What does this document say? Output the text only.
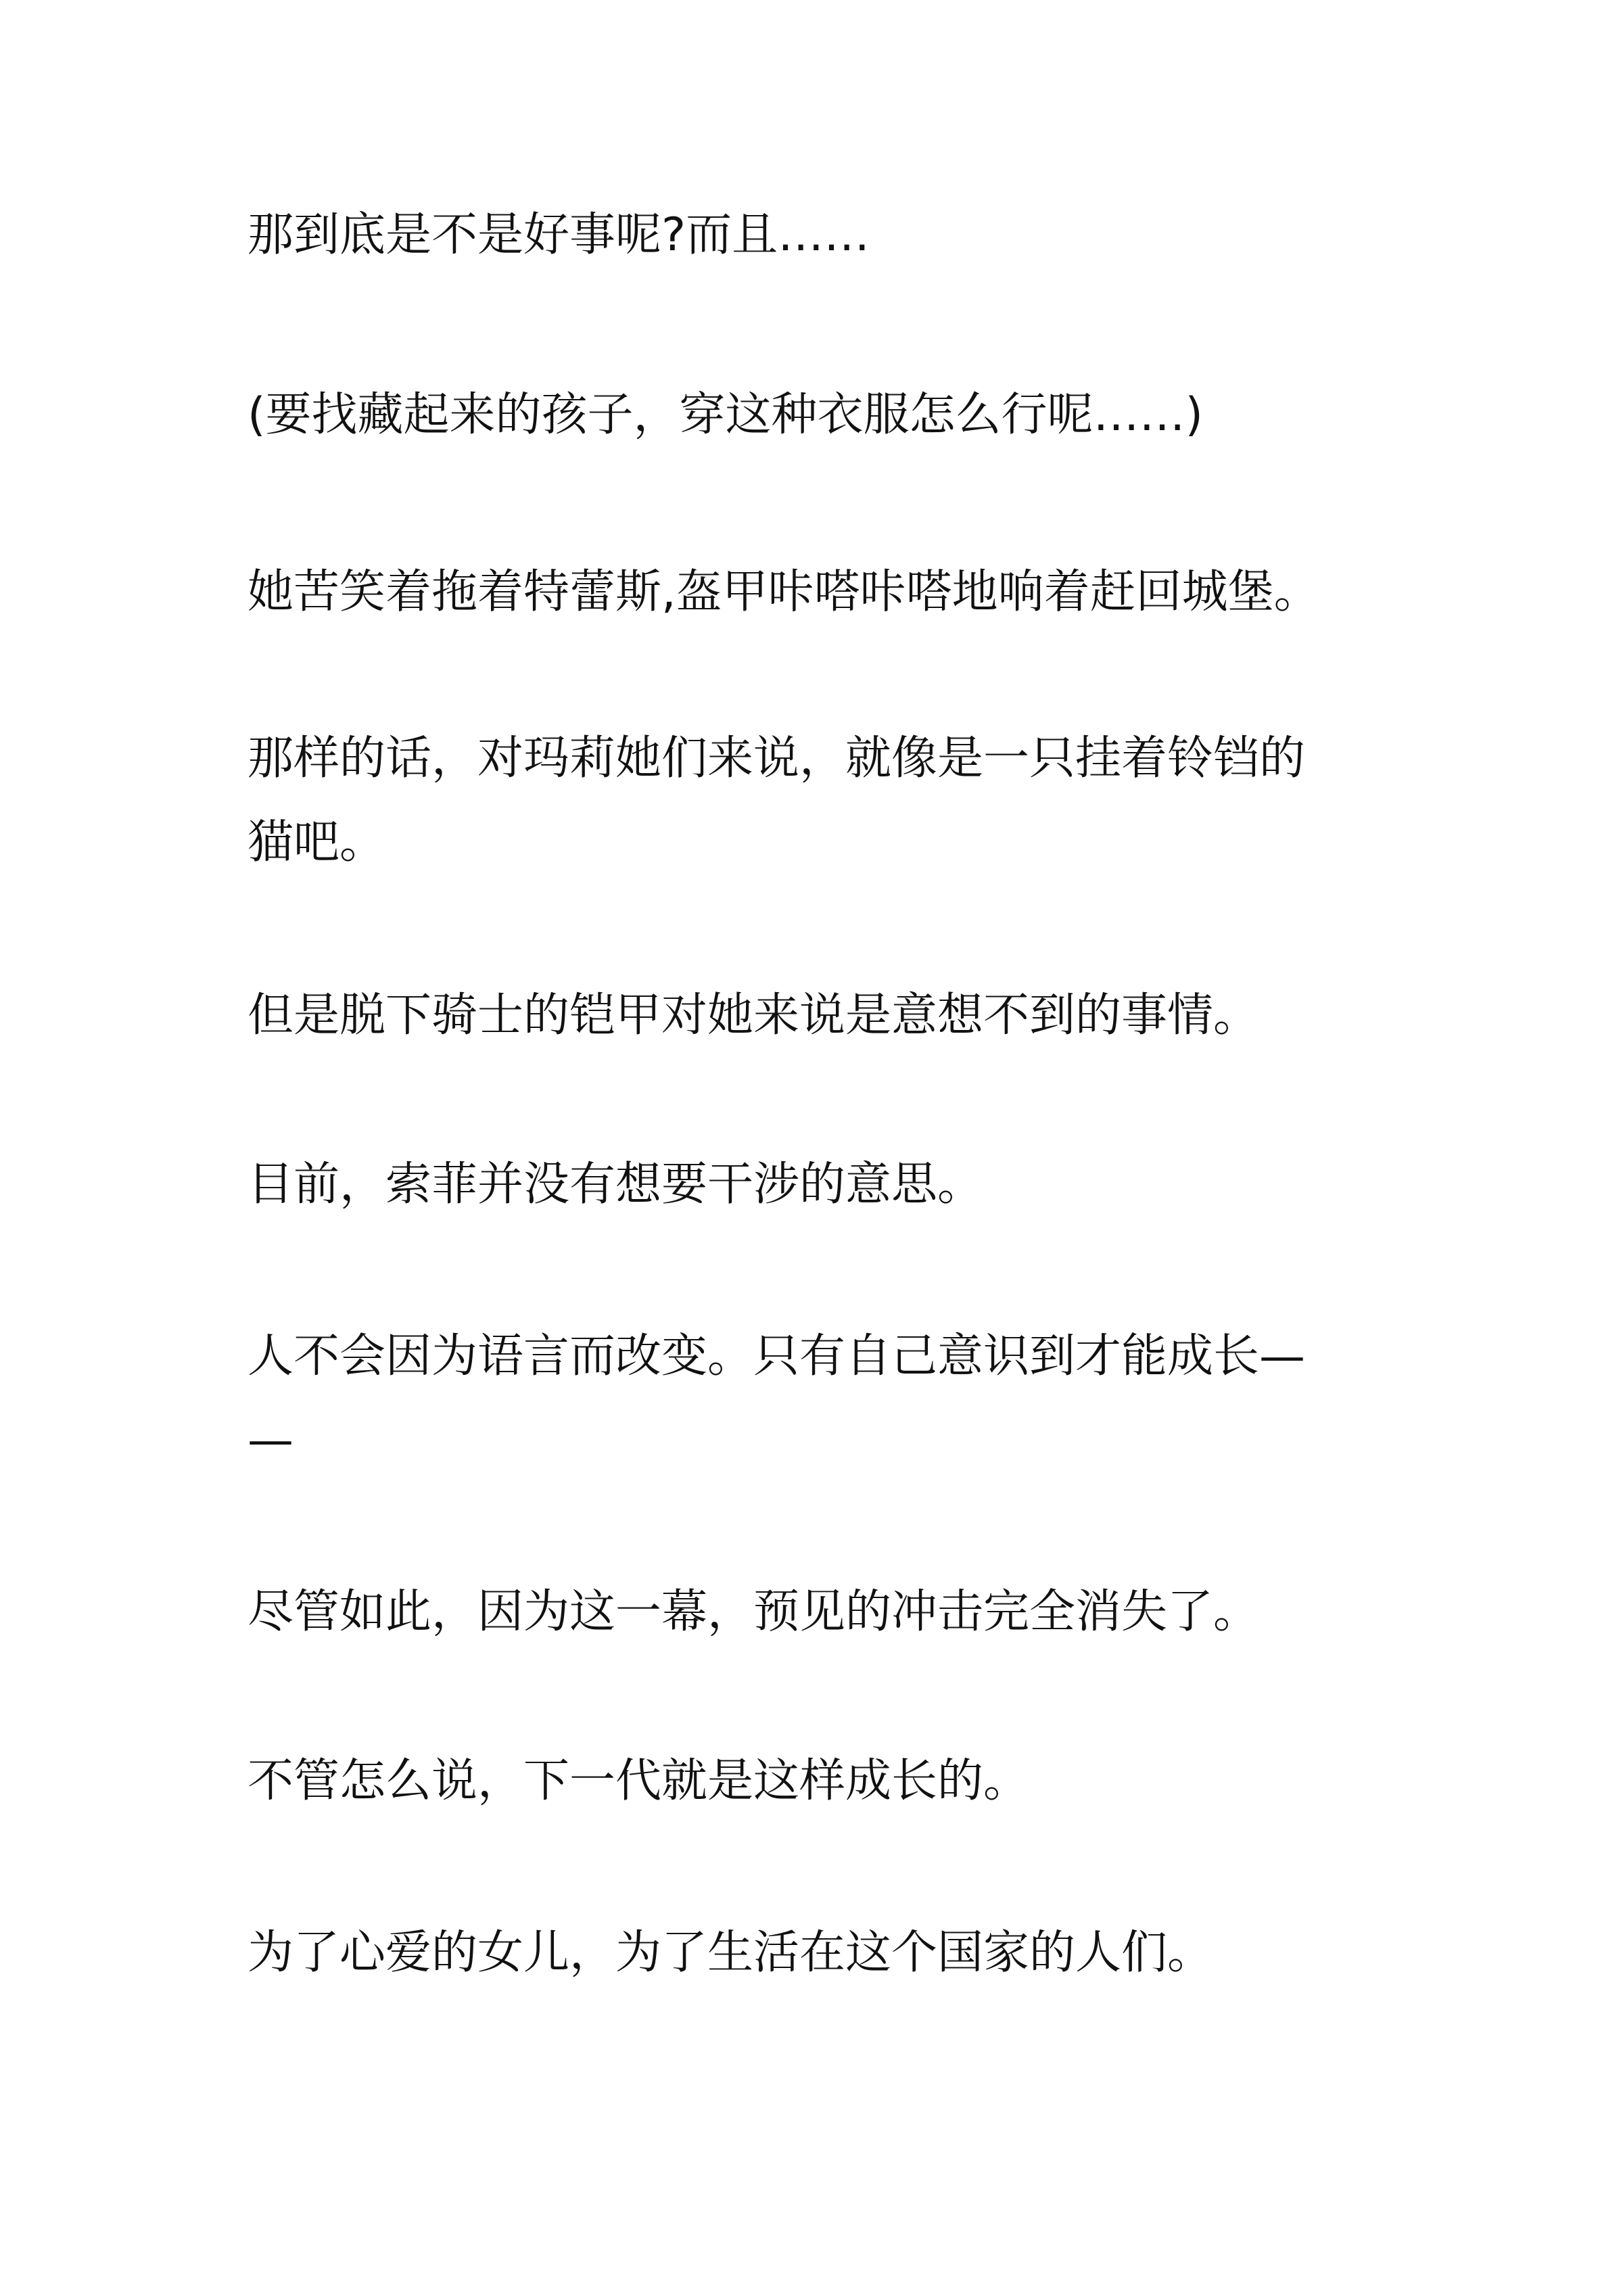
那到底是不是好事呢?而且……

(要找藏起来的孩子，穿这种衣服怎么行呢……)

她苦笑着拖着特蕾斯,盔甲咔嗒咔嗒地响着赶回城堡。

那样的话，对玛莉她们来说，就像是一只挂着铃铛的
猫吧。

但是脱下骑士的铠甲对她来说是意想不到的事情。

目前，索菲并没有想要干涉的意思。

人不会因为语言而改变。只有自己意识到才能成长—
—

尽管如此，因为这一幕，预见的冲击完全消失了。

不管怎么说，下一代就是这样成长的。

为了心爱的女儿，为了生活在这个国家的人们。
